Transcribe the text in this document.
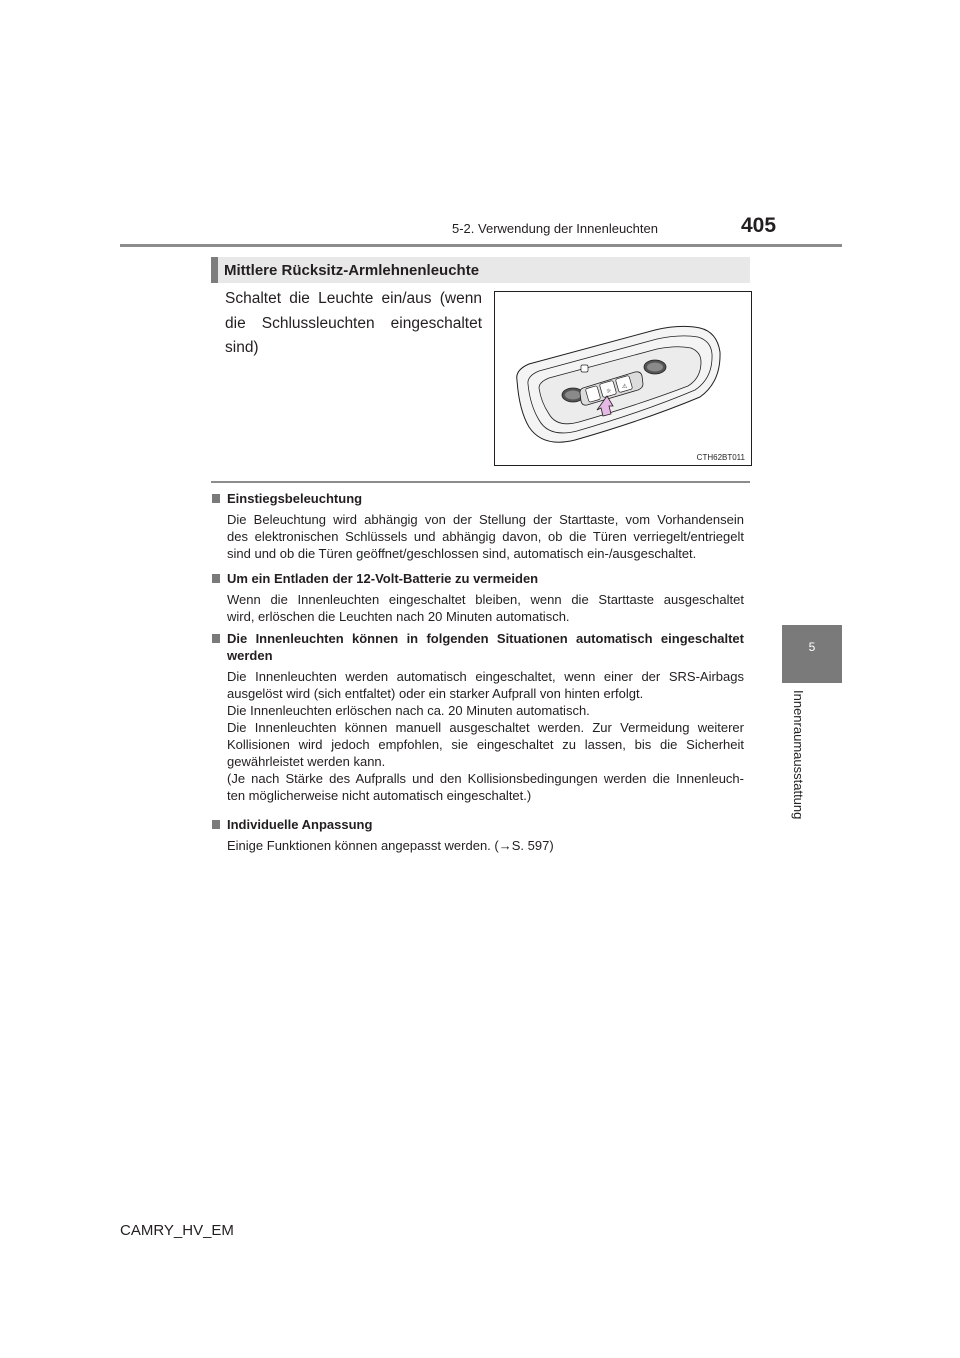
5-2. Verwendung der Innenleuchten	405
5
Innenraumausstattung
Mittlere Rücksitz-Armlehnenleuchte
Schaltet die Leuchte ein/aus (wenn die Schlussleuchten eingeschaltet sind)
☼
⚠
CTH62BT011
Einstiegsbeleuchtung
Die Beleuchtung wird abhängig von der Stellung der Starttaste, vom Vorhandensein
des elektronischen Schlüssels und abhängig davon, ob die Türen verriegelt/entriegelt
sind und ob die Türen geöffnet/geschlossen sind, automatisch ein-/ausgeschaltet.
Um ein Entladen der 12-Volt-Batterie zu vermeiden
Wenn die Innenleuchten eingeschaltet bleiben, wenn die Starttaste ausgeschaltet
wird, erlöschen die Leuchten nach 20 Minuten automatisch.
Die Innenleuchten können in folgenden Situationen automatisch eingeschaltet werden
Die Innenleuchten werden automatisch eingeschaltet, wenn einer der SRS-Airbags
ausgelöst wird (sich entfaltet) oder ein starker Aufprall von hinten erfolgt.
Die Innenleuchten erlöschen nach ca. 20 Minuten automatisch.
Die Innenleuchten können manuell ausgeschaltet werden. Zur Vermeidung weiterer
Kollisionen wird jedoch empfohlen, sie eingeschaltet zu lassen, bis die Sicherheit
gewährleistet werden kann.
(Je nach Stärke des Aufpralls und den Kollisionsbedingungen werden die Innenleuch-
ten möglicherweise nicht automatisch eingeschaltet.)
Individuelle Anpassung
Einige Funktionen können angepasst werden. (→S. 597)
CAMRY_HV_EM
